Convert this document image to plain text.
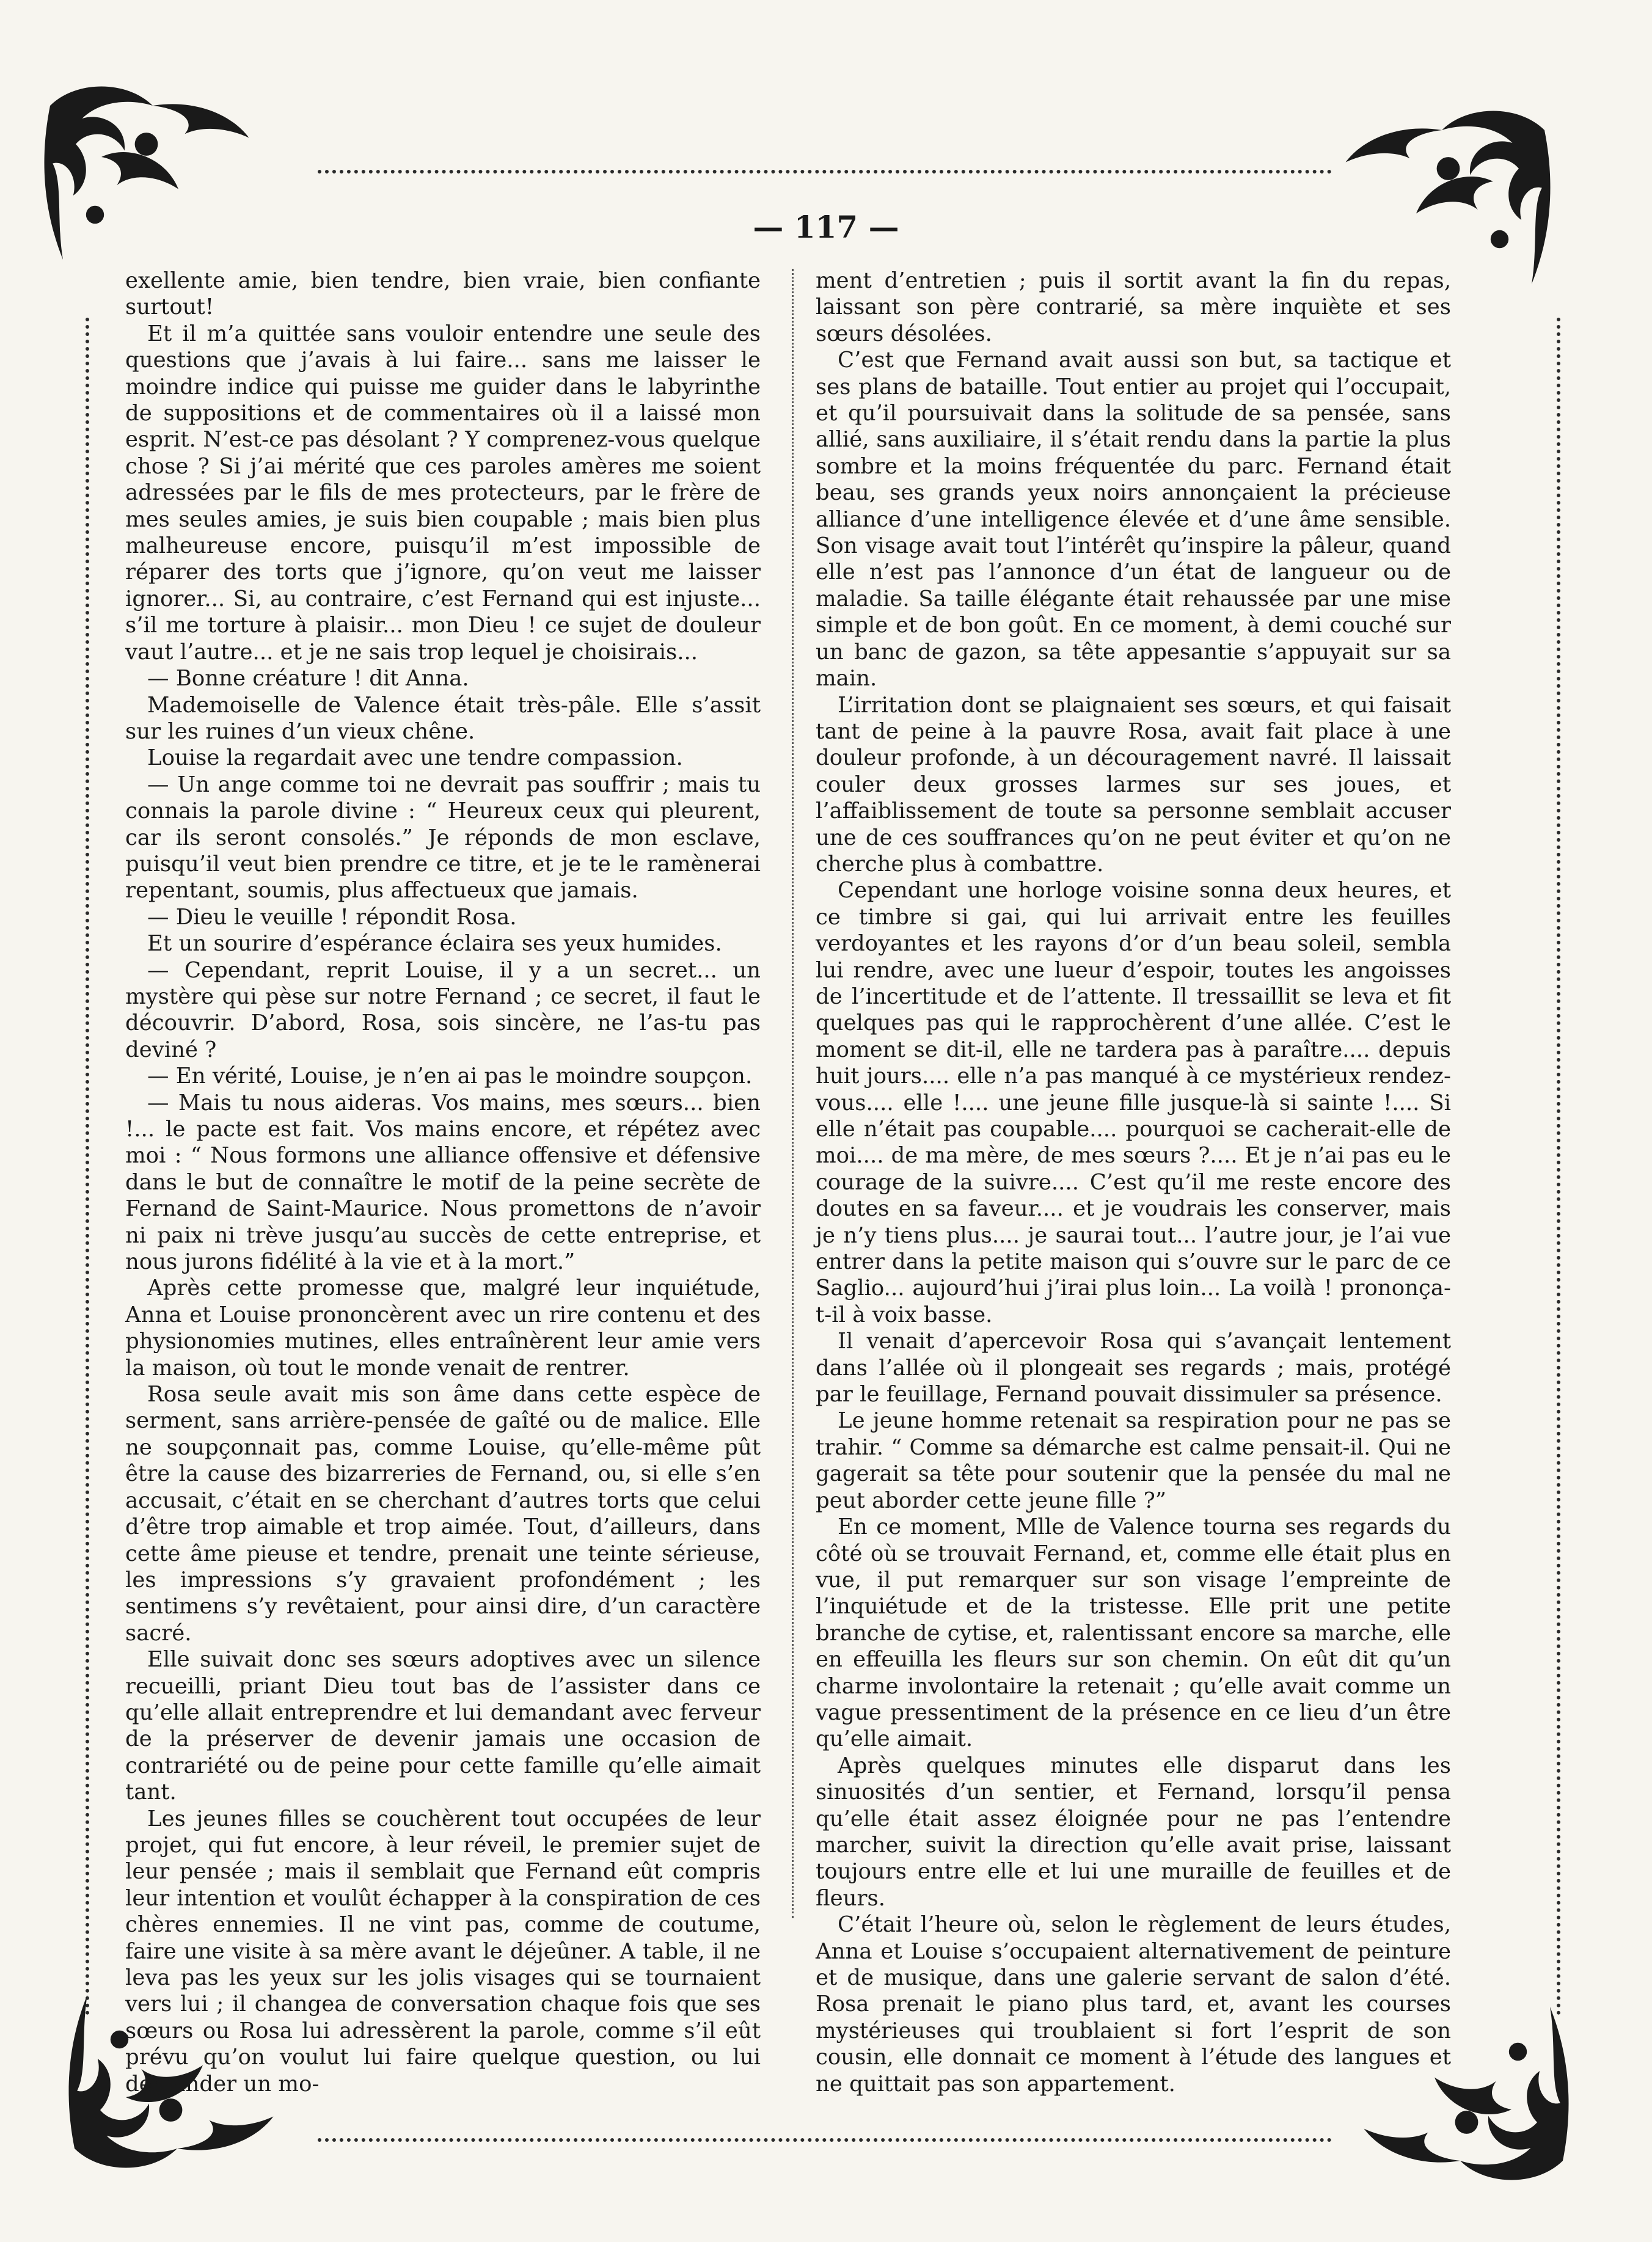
— 117 —

exellente amie, bien tendre, bien vraie, bien confiante surtout!

Et il m’a quittée sans vouloir entendre une seule des questions que j’avais à lui faire... sans me laisser le moindre indice qui puisse me guider dans le labyrinthe de suppositions et de commentaires où il a laissé mon esprit. N’est-ce pas désolant ? Y comprenez-vous quelque chose ? Si j’ai mérité que ces paroles amères me soient adressées par le fils de mes protecteurs, par le frère de mes seules amies, je suis bien coupable ; mais bien plus malheureuse encore, puisqu’il m’est impossible de réparer des torts que j’ignore, qu’on veut me laisser ignorer... Si, au contraire, c’est Fernand qui est injuste... s’il me torture à plaisir... mon Dieu ! ce sujet de douleur vaut l’autre... et je ne sais trop lequel je choisirais...

— Bonne créature ! dit Anna.

Mademoiselle de Valence était très-pâle. Elle s’assit sur les ruines d’un vieux chêne.

Louise la regardait avec une tendre compassion.

— Un ange comme toi ne devrait pas souffrir ; mais tu connais la parole divine : “ Heureux ceux qui pleurent, car ils seront consolés.” Je réponds de mon esclave, puisqu’il veut bien prendre ce titre, et je te le ramènerai repentant, soumis, plus affectueux que jamais.

— Dieu le veuille ! répondit Rosa.

Et un sourire d’espérance éclaira ses yeux humides.

— Cependant, reprit Louise, il y a un secret... un mystère qui pèse sur notre Fernand ; ce secret, il faut le découvrir. D’abord, Rosa, sois sincère, ne l’as-tu pas deviné ?

— En vérité, Louise, je n’en ai pas le moindre soupçon.

— Mais tu nous aideras. Vos mains, mes sœurs... bien !... le pacte est fait. Vos mains encore, et répétez avec moi : “ Nous formons une alliance offensive et défensive dans le but de connaître le motif de la peine secrète de Fernand de Saint-Maurice. Nous promettons de n’avoir ni paix ni trève jusqu’au succès de cette entreprise, et nous jurons fidélité à la vie et à la mort.”

Après cette promesse que, malgré leur inquiétude, Anna et Louise prononcèrent avec un rire contenu et des physionomies mutines, elles entraînèrent leur amie vers la maison, où tout le monde venait de rentrer.

Rosa seule avait mis son âme dans cette espèce de serment, sans arrière-pensée de gaîté ou de malice. Elle ne soupçonnait pas, comme Louise, qu’elle-même pût être la cause des bizarreries de Fernand, ou, si elle s’en accusait, c’était en se cherchant d’autres torts que celui d’être trop aimable et trop aimée. Tout, d’ailleurs, dans cette âme pieuse et tendre, prenait une teinte sérieuse, les impressions s’y gravaient profondément ; les sentimens s’y revêtaient, pour ainsi dire, d’un caractère sacré.

Elle suivait donc ses sœurs adoptives avec un silence recueilli, priant Dieu tout bas de l’assister dans ce qu’elle allait entreprendre et lui demandant avec ferveur de la préserver de devenir jamais une occasion de contrariété ou de peine pour cette famille qu’elle aimait tant.

Les jeunes filles se couchèrent tout occupées de leur projet, qui fut encore, à leur réveil, le premier sujet de leur pensée ; mais il semblait que Fernand eût compris leur intention et voulût échapper à la conspiration de ces chères ennemies. Il ne vint pas, comme de coutume, faire une visite à sa mère avant le déjeûner. A table, il ne leva pas les yeux sur les jolis visages qui se tournaient vers lui ; il changea de conversation chaque fois que ses sœurs ou Rosa lui adressèrent la parole, comme s’il eût prévu qu’on voulut lui faire quelque question, ou lui demander un mo-

ment d’entretien ; puis il sortit avant la fin du repas, laissant son père contrarié, sa mère inquiète et ses sœurs désolées.

C’est que Fernand avait aussi son but, sa tactique et ses plans de bataille. Tout entier au projet qui l’occupait, et qu’il poursuivait dans la solitude de sa pensée, sans allié, sans auxiliaire, il s’était rendu dans la partie la plus sombre et la moins fréquentée du parc. Fernand était beau, ses grands yeux noirs annonçaient la précieuse alliance d’une intelligence élevée et d’une âme sensible. Son visage avait tout l’intérêt qu’inspire la pâleur, quand elle n’est pas l’annonce d’un état de langueur ou de maladie. Sa taille élégante était rehaussée par une mise simple et de bon goût. En ce moment, à demi couché sur un banc de gazon, sa tête appesantie s’appuyait sur sa main.

L’irritation dont se plaignaient ses sœurs, et qui faisait tant de peine à la pauvre Rosa, avait fait place à une douleur profonde, à un découragement navré. Il laissait couler deux grosses larmes sur ses joues, et l’affaiblissement de toute sa personne semblait accuser une de ces souffrances qu’on ne peut éviter et qu’on ne cherche plus à combattre.

Cependant une horloge voisine sonna deux heures, et ce timbre si gai, qui lui arrivait entre les feuilles verdoyantes et les rayons d’or d’un beau soleil, sembla lui rendre, avec une lueur d’espoir, toutes les angoisses de l’incertitude et de l’attente. Il tressaillit se leva et fit quelques pas qui le rapprochèrent d’une allée. C’est le moment se dit-il, elle ne tardera pas à paraître.... depuis huit jours.... elle n’a pas manqué à ce mystérieux rendez-vous.... elle !.... une jeune fille jusque-là si sainte !.... Si elle n’était pas coupable.... pourquoi se cacherait-elle de moi.... de ma mère, de mes sœurs ?.... Et je n’ai pas eu le courage de la suivre.... C’est qu’il me reste encore des doutes en sa faveur.... et je voudrais les conserver, mais je n’y tiens plus.... je saurai tout... l’autre jour, je l’ai vue entrer dans la petite maison qui s’ouvre sur le parc de ce Saglio... aujourd’hui j’irai plus loin... La voilà ! prononça-t-il à voix basse.

Il venait d’apercevoir Rosa qui s’avançait lentement dans l’allée où il plongeait ses regards ; mais, protégé par le feuillage, Fernand pouvait dissimuler sa présence.

Le jeune homme retenait sa respiration pour ne pas se trahir. “ Comme sa démarche est calme pensait-il. Qui ne gagerait sa tête pour soutenir que la pensée du mal ne peut aborder cette jeune fille ?”

En ce moment, Mlle de Valence tourna ses regards du côté où se trouvait Fernand, et, comme elle était plus en vue, il put remarquer sur son visage l’empreinte de l’inquiétude et de la tristesse. Elle prit une petite branche de cytise, et, ralentissant encore sa marche, elle en effeuilla les fleurs sur son chemin. On eût dit qu’un charme involontaire la retenait ; qu’elle avait comme un vague pressentiment de la présence en ce lieu d’un être qu’elle aimait.

Après quelques minutes elle disparut dans les sinuosités d’un sentier, et Fernand, lorsqu’il pensa qu’elle était assez éloignée pour ne pas l’entendre marcher, suivit la direction qu’elle avait prise, laissant toujours entre elle et lui une muraille de feuilles et de fleurs.

C’était l’heure où, selon le règlement de leurs études, Anna et Louise s’occupaient alternativement de peinture et de musique, dans une galerie servant de salon d’été. Rosa prenait le piano plus tard, et, avant les courses mystérieuses qui troublaient si fort l’esprit de son cousin, elle donnait ce moment à l’étude des langues et ne quittait pas son appartement.
